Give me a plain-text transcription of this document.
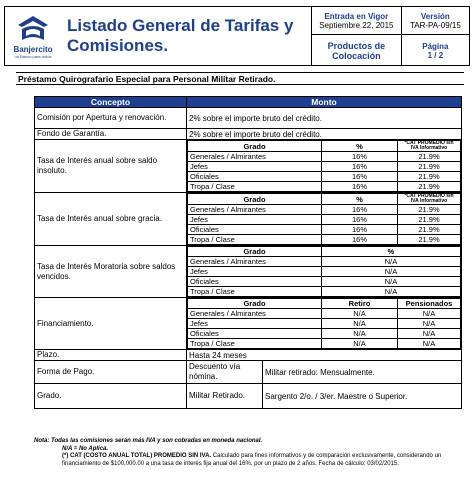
Banjercito
un Banco para todos
Listado General de Tarifas y Comisiones.
Entrada en Vigor
Septiembre 22, 2015
Versión
TAR-PA-09/15
Productos de Colocación
Página
1 / 2
Préstamo Quirografario Especial para Personal Militar Retirado.
Concepto	Monto
Comisión por Apertura y renovación.	2% sobre el importe bruto del crédito.
Fondo de Garantía.	2% sobre el importe bruto del crédito.
Tasa de Interés anual sobre saldo insoluto.	
Grado	%	*CAT PROMEDIO sin IVA Informativo
Generales / Almirantes	16%	21.9%
Jefes	16%	21.9%
Oficiales	16%	21.9%
Tropa / Clase	16%	21.9%

Tasa de Interés anual sobre gracia.	
Grado	%	*CAT PROMEDIO sin IVA Informativo
Generales / Almirantes	16%	21.9%
Jefes	16%	21.9%
Oficiales	16%	21.9%
Tropa / Clase	16%	21.9%

Tasa de Interés Moratoria sobre saldos vencidos.	
Grado	%
Generales / Almirantes	N/A
Jefes	N/A
Oficiales	N/A
Tropa / Clase	N/A

Financiamiento.	
Grado	Retiro	Pensionados
Generales / Almirantes	N/A	N/A
Jefes	N/A	N/A
Oficiales	N/A	N/A
Tropa / Clase	N/A	N/A

Plazo.	Hasta 24 meses
Forma de Pago.	Descuento vía nómina.	Militar retirado: Mensualmente.
Grado.	Militar Retirado.	Sargento 2/o. / 3/er. Maestre o Superior.
Nota: Todas las comisiones serán más IVA y son cobradas en moneda nacional.
N/A = No Aplica.
(*) CAT (COSTO ANUAL TOTAL) PROMEDIO SIN IVA. Calculado para fines informativos y de comparación exclusivamente, considerando un financiamiento de $100,000.00 a una tasa de interés fija anual del 16%, por un plazo de 2 años. Fecha de cálculo: 03/02/2015.
